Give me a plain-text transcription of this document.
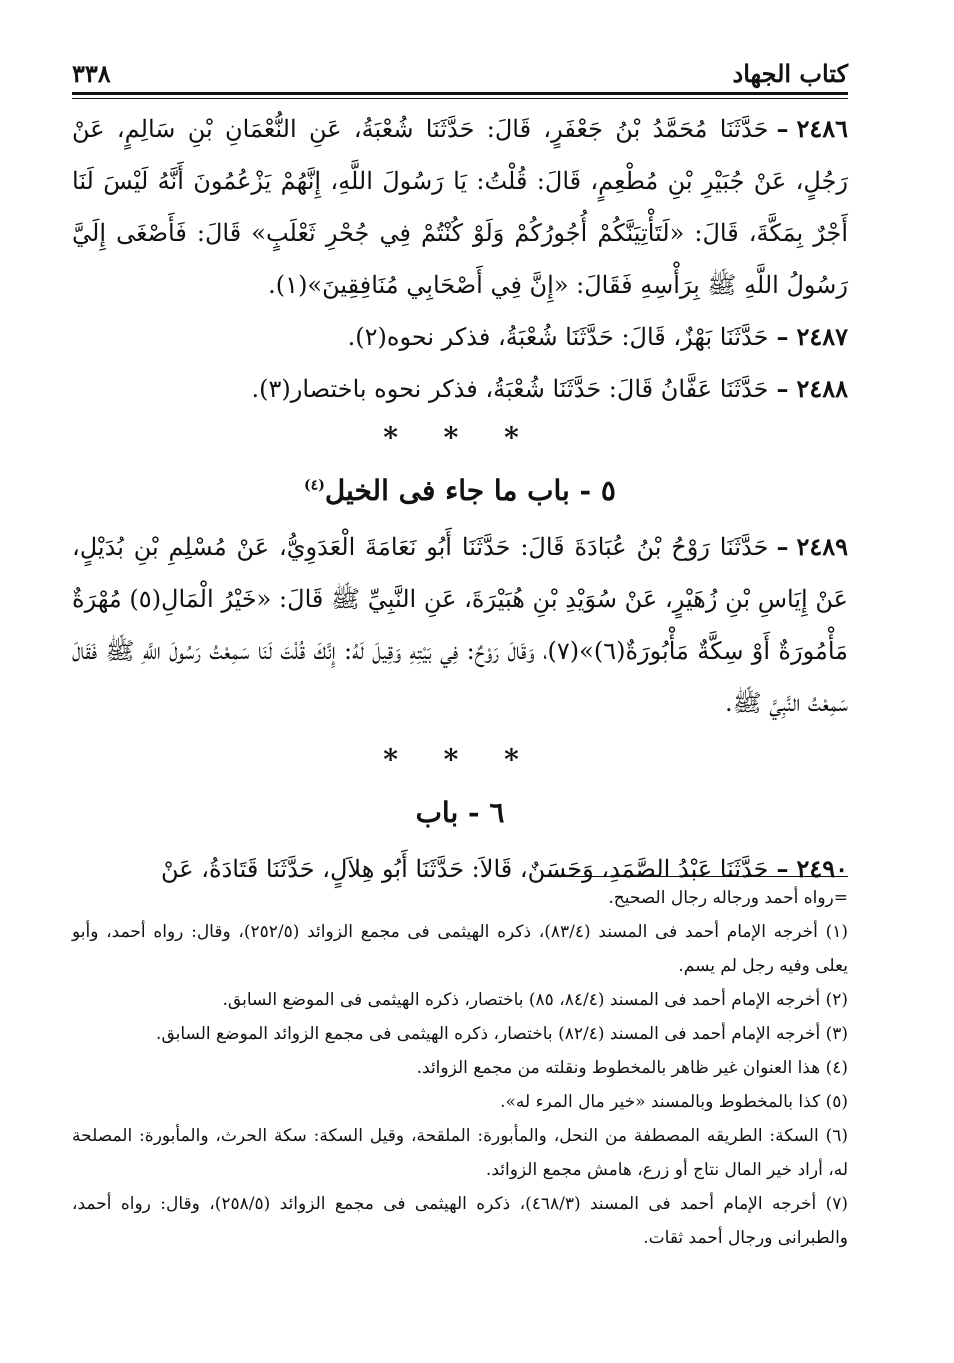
كتاب الجهاد
٣٣٨

٢٤٨٦–حَدَّثَنَا مُحَمَّدُ بْنُ جَعْفَرٍ، قَالَ: حَدَّثَنَا شُعْبَةُ، عَنِ النُّعْمَانِ بْنِ سَالِمٍ، عَنْ رَجُلٍ، عَنْ جُبَيْرِ بْنِ مُطْعِمٍ، قَالَ: قُلْتُ: يَا رَسُولَ اللَّهِ، إِنَّهُمْ يَزْعُمُونَ أَنَّهُ لَيْسَ لَنَا أَجْرٌ بِمَكَّةَ، قَالَ: «لَتَأْتِيَنَّكُمْ أُجُورُكُمْ وَلَوْ كُنْتُمْ فِي جُحْرِ ثَعْلَبٍ» قَالَ: فَأَصْغَى إِلَيَّ رَسُولُ اللَّهِ ﷺ بِرَأْسِهِ فَقَالَ: «إِنَّ فِي أَصْحَابِي مُنَافِقِينَ»(١).

٢٤٨٧–حَدَّثَنَا بَهْزٌ، قَالَ: حَدَّثَنَا شُعْبَةُ، فذكر نحوه(٢).

٢٤٨٨–حَدَّثَنَا عَفَّانُ قَالَ: حَدَّثَنَا شُعْبَةُ، فذكر نحوه باختصار(٣).

* * *
٥ - باب ما جاء فى الخيل$^{(٤)}$

٢٤٨٩–حَدَّثَنَا رَوْحُ بْنُ عُبَادَةَ قَالَ: حَدَّثَنَا أَبُو نَعَامَةَ الْعَدَوِيُّ، عَنْ مُسْلِمِ بْنِ بُدَيْلٍ، عَنْ إِيَاسِ بْنِ زُهَيْرٍ، عَنْ سُوَيْدِ بْنِ هُبَيْرَةَ، عَنِ النَّبِيِّ ﷺ قَالَ: «خَيْرُ الْمَالِ(٥) مُهْرَةٌ مَأْمُورَةٌ أَوْ سِكَّةٌ مَأْبُورَةٌ(٦)»(٧)، وَقَالَ رَوْحٌ: فِي بَيْتِهِ وَقِيلَ لَهُ: إِنَّكَ قُلْتَ لَنَا سَمِعْتُ رَسُولَ اللَّهِ ﷺ فَقَالَ سَمِعْتُ النَّبِيَّ ﷺ.

* * *
٦ - باب

٢٤٩٠–حَدَّثَنَا عَبْدُ الصَّمَدِ، وَحَسَنٌ، قَالاَ: حَدَّثَنَا أَبُو هِلاَلٍ، حَدَّثَنَا قَتَادَةُ، عَنْ

=رواه أحمد ورجاله رجال الصحيح.

(١) أخرجه الإمام أحمد فى المسند (٨٣/٤)، ذكره الهيثمى فى مجمع الزوائد (٢٥٢/٥)، وقال: رواه أحمد، وأبو يعلى وفيه رجل لم يسم.

(٢) أخرجه الإمام أحمد فى المسند (٨٤/٤، ٨٥) باختصار، ذكره الهيثمى فى الموضع السابق.

(٣) أخرجه الإمام أحمد فى المسند (٨٢/٤) باختصار، ذكره الهيثمى فى مجمع الزوائد الموضع السابق.

(٤) هذا العنوان غير ظاهر بالمخطوط ونقلته من مجمع الزوائد.

(٥) كذا بالمخطوط وبالمسند «خير مال المرء له».

(٦) السكة: الطريقه المصطفة من النحل، والمأبورة: الملقحة، وقيل السكة: سكة الحرث، والمأبورة: المصلحة له، أراد خير المال نتاج أو زرع، هامش مجمع الزوائد.

(٧) أخرجه الإمام أحمد فى المسند (٤٦٨/٣)، ذكره الهيثمى فى مجمع الزوائد (٢٥٨/٥)، وقال: رواه أحمد، والطبرانى ورجال أحمد ثقات.
